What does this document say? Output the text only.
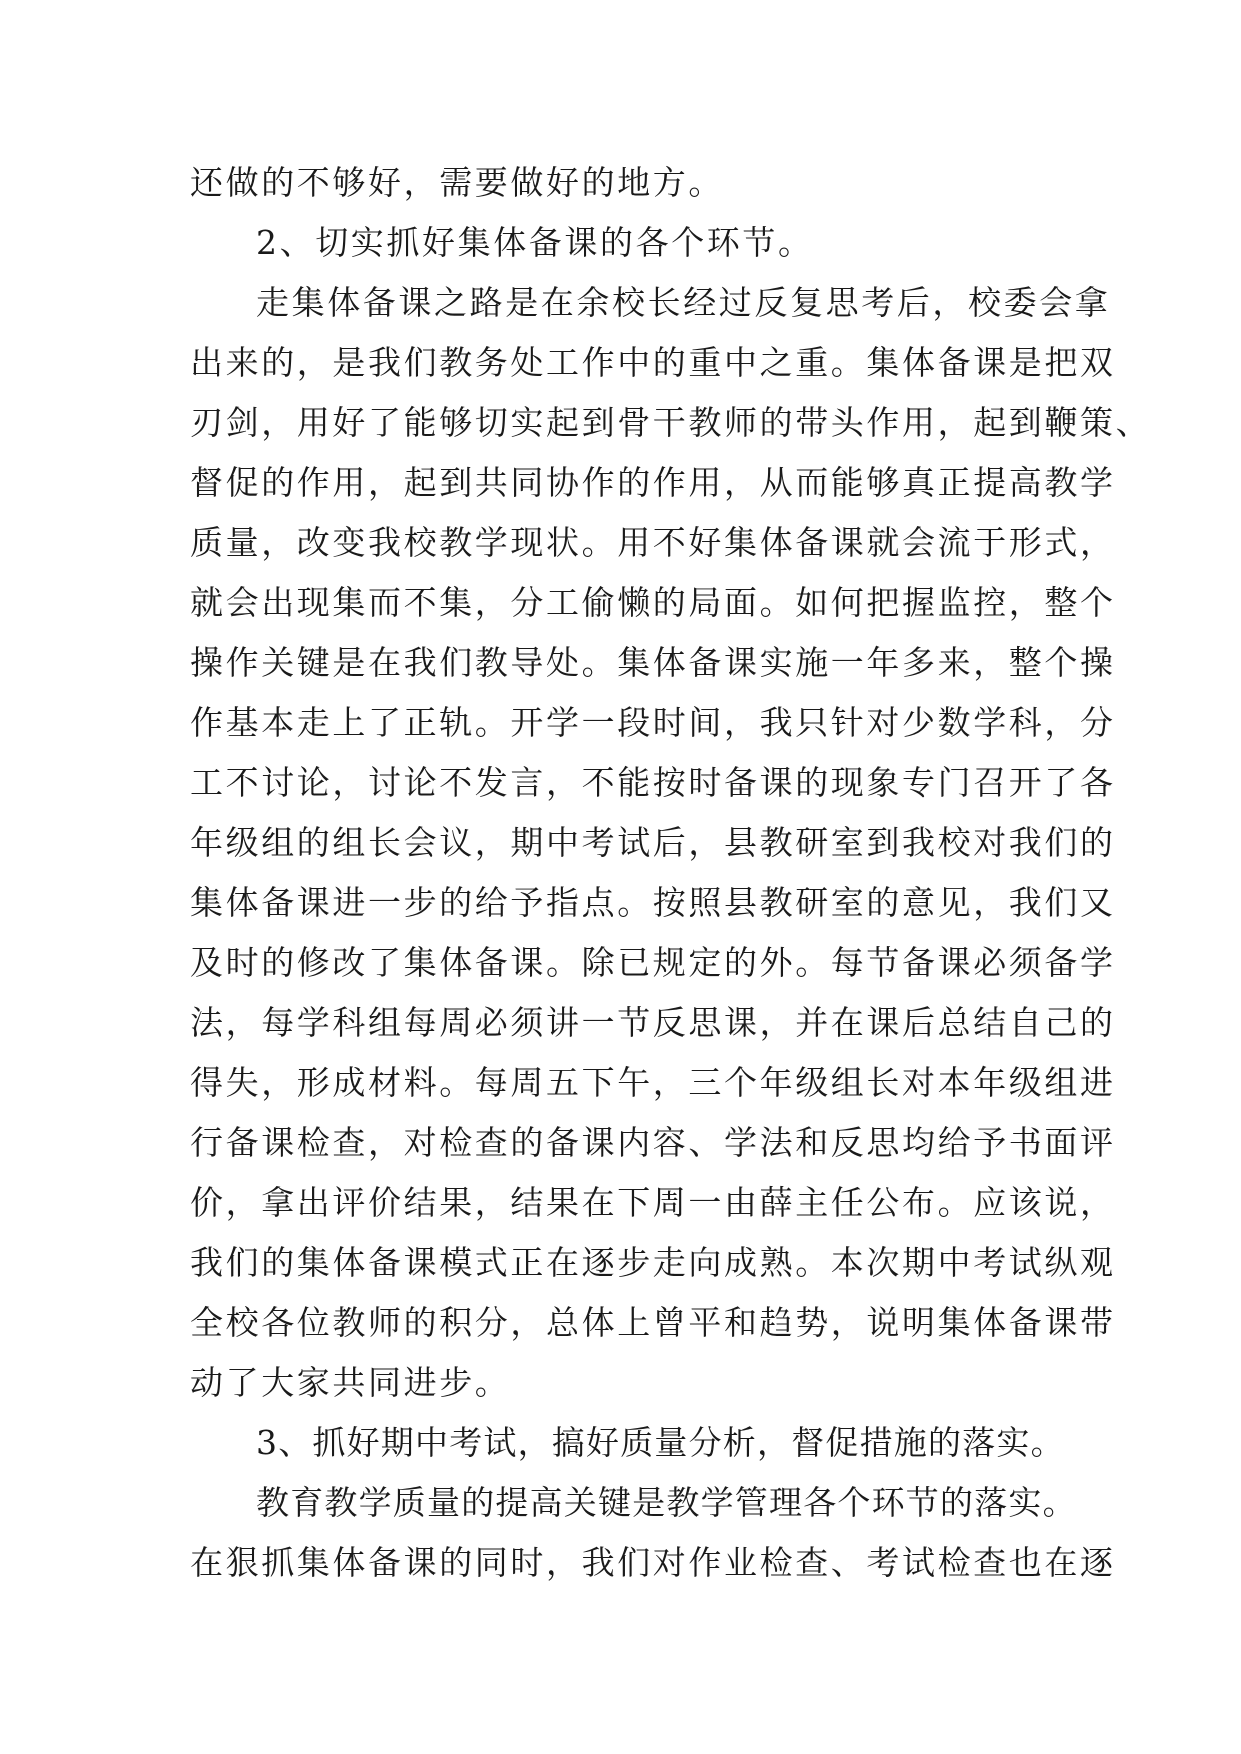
还做的不够好，需要做好的地方。
2、切实抓好集体备课的各个环节。
走集体备课之路是在余校长经过反复思考后，校委会拿
出来的，是我们教务处工作中的重中之重。集体备课是把双
刃剑，用好了能够切实起到骨干教师的带头作用，起到鞭策、
督促的作用，起到共同协作的作用，从而能够真正提高教学
质量，改变我校教学现状。用不好集体备课就会流于形式，
就会出现集而不集，分工偷懒的局面。如何把握监控，整个
操作关键是在我们教导处。集体备课实施一年多来，整个操
作基本走上了正轨。开学一段时间，我只针对少数学科，分
工不讨论，讨论不发言，不能按时备课的现象专门召开了各
年级组的组长会议，期中考试后，县教研室到我校对我们的
集体备课进一步的给予指点。按照县教研室的意见，我们又
及时的修改了集体备课。除已规定的外。每节备课必须备学
法，每学科组每周必须讲一节反思课，并在课后总结自己的
得失，形成材料。每周五下午，三个年级组长对本年级组进
行备课检查，对检查的备课内容、学法和反思均给予书面评
价，拿出评价结果，结果在下周一由薛主任公布。应该说，
我们的集体备课模式正在逐步走向成熟。本次期中考试纵观
全校各位教师的积分，总体上曾平和趋势，说明集体备课带
动了大家共同进步。
3、抓好期中考试，搞好质量分析，督促措施的落实。
教育教学质量的提高关键是教学管理各个环节的落实。
在狠抓集体备课的同时，我们对作业检查、考试检查也在逐
